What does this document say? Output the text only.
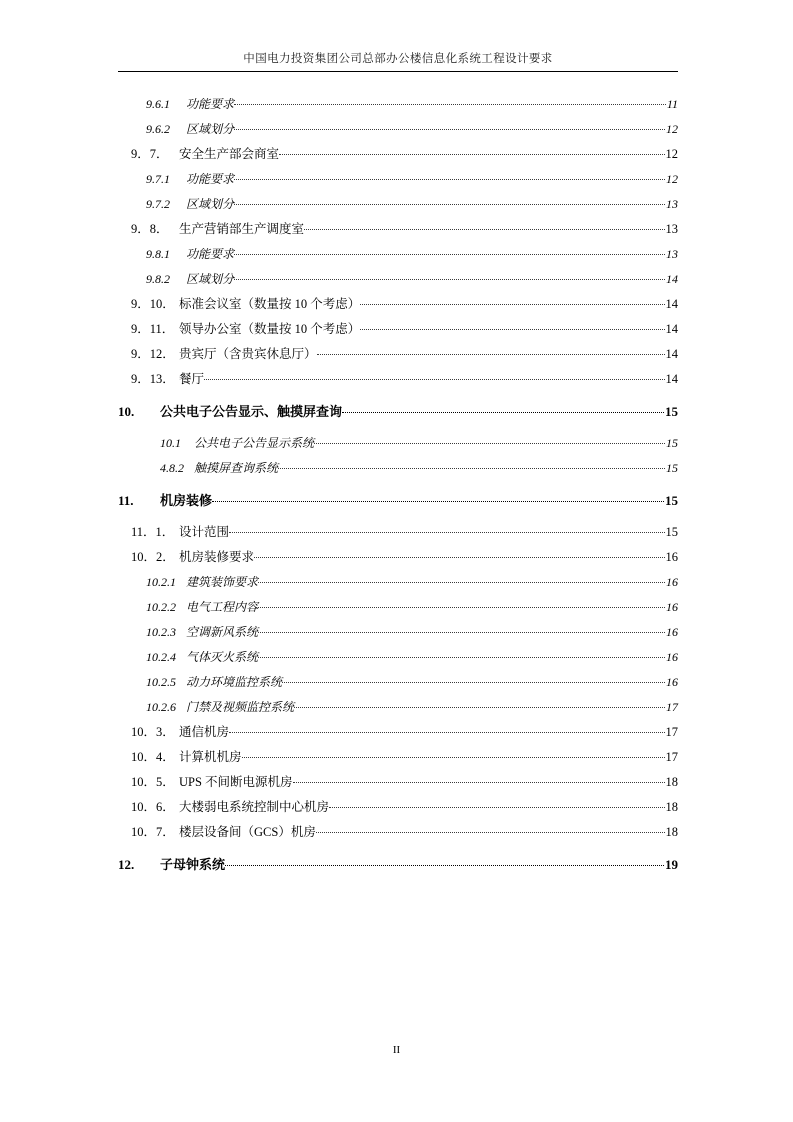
中国电力投资集团公司总部办公楼信息化系统工程设计要求
9.6.1	功能要求	11
9.6.2	区域划分	12
9．7． 安全生产部会商室	12
9.7.1	功能要求	12
9.7.2	区域划分	13
9．8． 生产营销部生产调度室	13
9.8.1	功能要求	13
9.8.2	区域划分	14
9．10． 标准会议室（数量按 10 个考虑）	14
9．11． 领导办公室（数量按 10 个考虑）	14
9．12． 贵宾厅（含贵宾休息厅）	14
9．13． 餐厅	14
10.	公共电子公告显示、触摸屏查询	15
10.1	公共电子公告显示系统	15
4.8.2 触摸屏查询系统	15
11.	机房装修	15
11．1． 设计范围	15
10．2． 机房装修要求	16
10.2.1 建筑装饰要求	16
10.2.2 电气工程内容	16
10.2.3 空调新风系统	16
10.2.4 气体灭火系统	16
10.2.5 动力环境监控系统	16
10.2.6 门禁及视频监控系统	17
10．3． 通信机房	17
10．4． 计算机机房	17
10．5． UPS 不间断电源机房	18
10．6． 大楼弱电系统控制中心机房	18
10．7． 楼层设备间（GCS）机房	18
12.	子母钟系统	19
II
